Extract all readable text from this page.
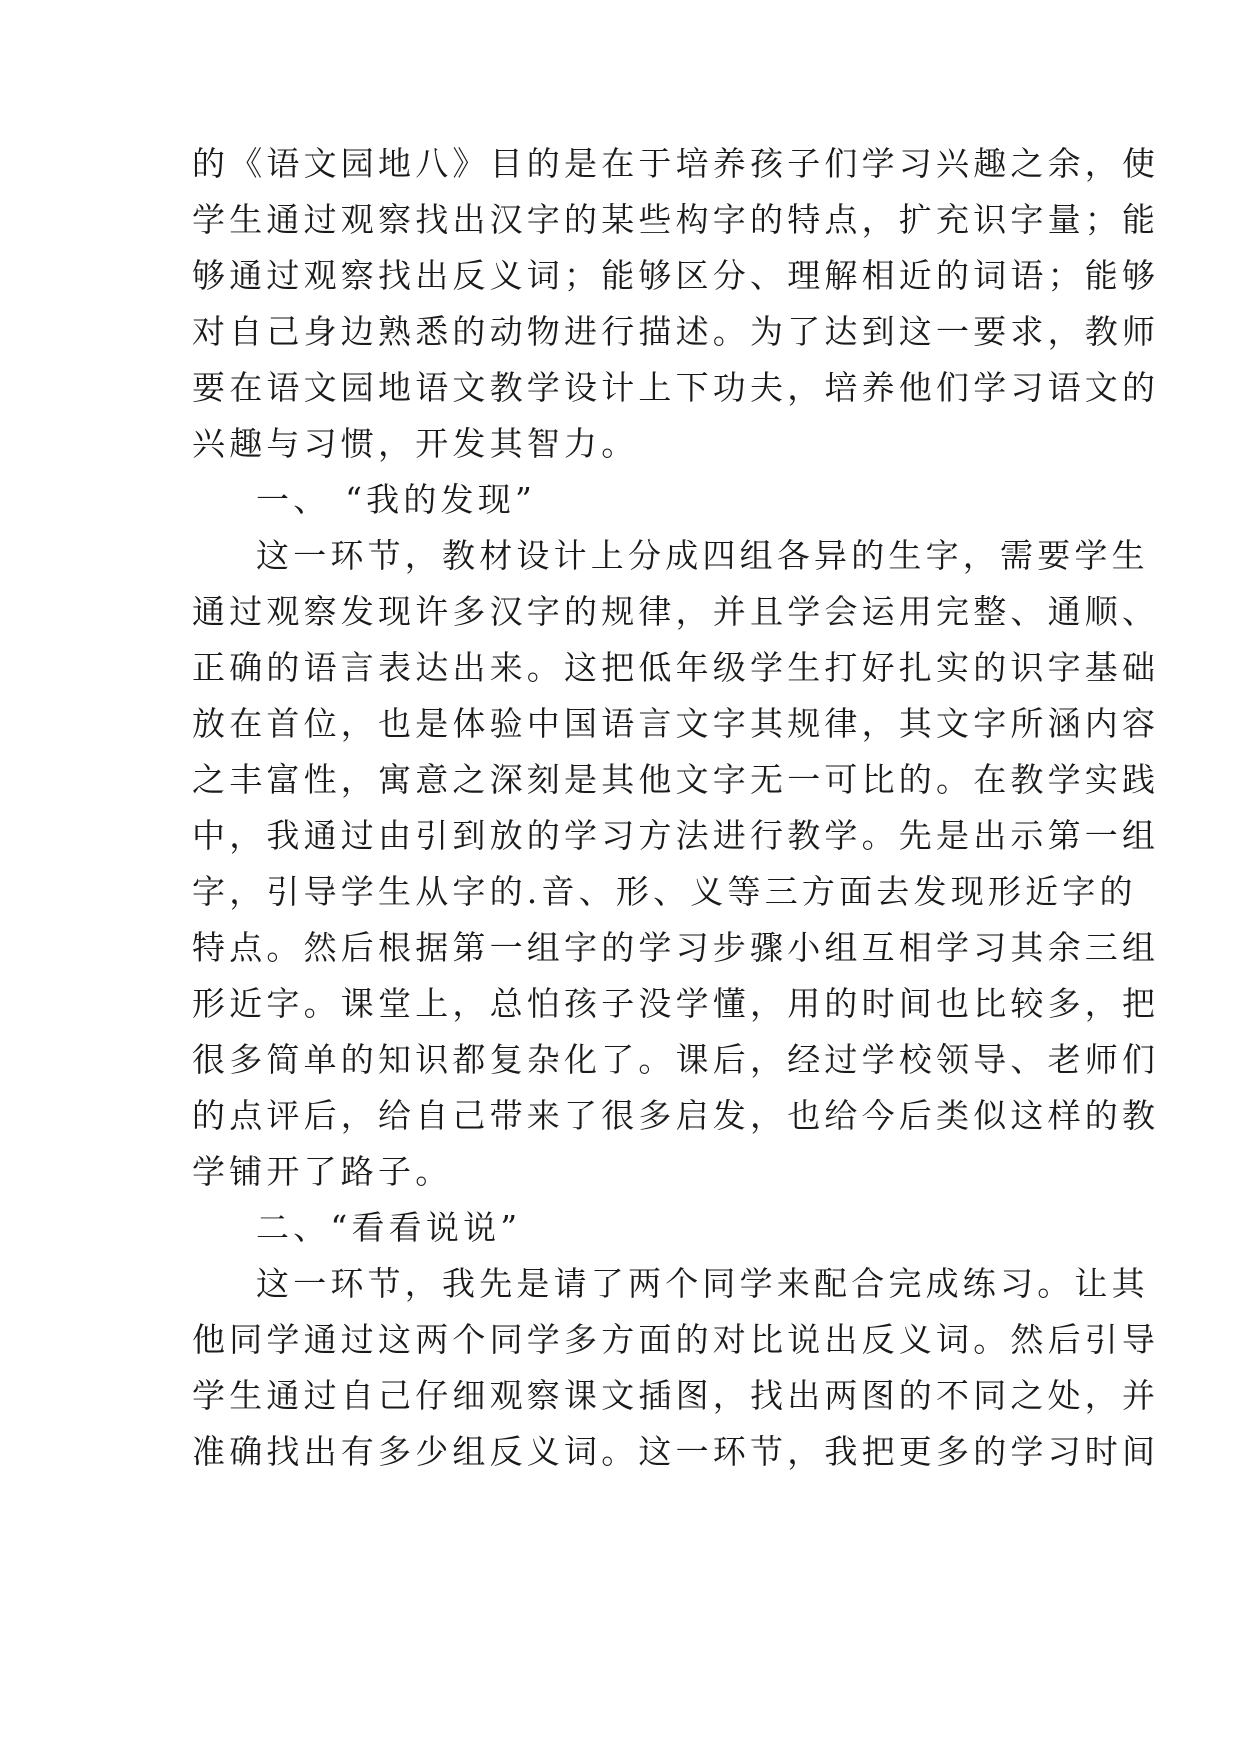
的《语文园地八》目的是在于培养孩子们学习兴趣之余，使
学生通过观察找出汉字的某些构字的特点，扩充识字量；能
够通过观察找出反义词；能够区分、理解相近的词语；能够
对自己身边熟悉的动物进行描述。为了达到这一要求，教师
要在语文园地语文教学设计上下功夫，培养他们学习语文的
兴趣与习惯，开发其智力。
一、 “我的发现”
这一环节，教材设计上分成四组各异的生字，需要学生
通过观察发现许多汉字的规律，并且学会运用完整、通顺、
正确的语言表达出来。这把低年级学生打好扎实的识字基础
放在首位，也是体验中国语言文字其规律，其文字所涵内容
之丰富性，寓意之深刻是其他文字无一可比的。在教学实践
中，我通过由引到放的学习方法进行教学。先是出示第一组
字，引导学生从字的.音、形、义等三方面去发现形近字的
特点。然后根据第一组字的学习步骤小组互相学习其余三组
形近字。课堂上，总怕孩子没学懂，用的时间也比较多，把
很多简单的知识都复杂化了。课后，经过学校领导、老师们
的点评后，给自己带来了很多启发，也给今后类似这样的教
学铺开了路子。
二、“看看说说”
这一环节，我先是请了两个同学来配合完成练习。让其
他同学通过这两个同学多方面的对比说出反义词。然后引导
学生通过自己仔细观察课文插图，找出两图的不同之处，并
准确找出有多少组反义词。这一环节，我把更多的学习时间
